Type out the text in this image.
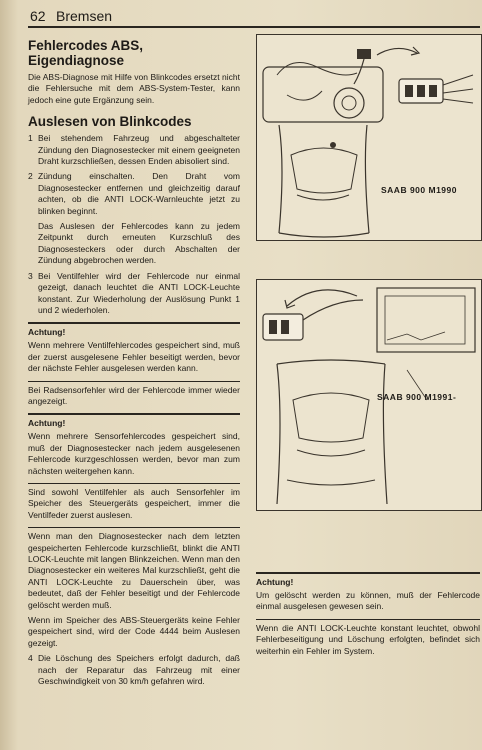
62 Bremsen
Fehlercodes ABS, Eigendiagnose

Die ABS-Diagnose mit Hilfe von Blinkcodes ersetzt nicht die Fehlersuche mit dem ABS-System-Tester, kann jedoch eine gute Ergänzung sein.

Auslesen von Blinkcodes
1 Bei stehendem Fahrzeug und abgeschalteter Zündung den Diagnosestecker mit einem geeigneten Draht kurzschließen, dessen Enden abisoliert sind.
2 Zündung einschalten. Den Draht vom Diagnosestecker entfernen und gleichzeitig darauf achten, ob die ANTI LOCK-Warnleuchte jetzt zu blinken beginnt.

Das Auslesen der Fehlercodes kann zu jedem Zeitpunkt durch erneuten Kurzschluß des Diagnosesteckers oder durch Abschalten der Zündung abgebrochen werden.

3 Bei Ventilfehler wird der Fehlercode nur einmal gezeigt, danach leuchtet die ANTI LOCK-Leuchte konstant. Zur Wiederholung der Auslösung Punkt 1 und 2 wiederholen.
Achtung!

Wenn mehrere Ventilfehlercodes gespeichert sind, muß der zuerst ausgelesene Fehler beseitigt werden, bevor der nächste Fehler ausgelesen werden kann.

Bei Radsensorfehler wird der Fehlercode immer wieder angezeigt.

Achtung!

Wenn mehrere Sensorfehlercodes gespeichert sind, muß der Diagnosestecker nach jedem ausgelesenen Fehlercode kurzgeschlossen werden, bevor man zum nächsten weitergehen kann.

Sind sowohl Ventilfehler als auch Sensorfehler im Speicher des Steuergeräts gespeichert, immer die Ventilfeder zuerst auslesen.

Wenn man den Diagnosestecker nach dem letzten gespeicherten Fehlercode kurzschließt, blinkt die ANTI LOCK-Leuchte mit langen Blinkzeichen. Wenn man den Diagnosestecker ein weiteres Mal kurzschließt, geht die ANTI LOCK-Leuchte zu Dauerschein über, was bedeutet, daß der Fehler beseitigt und der Fehlercode gelöscht werden muß.

Wenn im Speicher des ABS-Steuergeräts keine Fehler gespeichert sind, wird der Code 4444 beim Auslesen gezeigt.

4 Die Löschung des Speichers erfolgt dadurch, daß nach der Reparatur das Fahrzeug mit einer Geschwindigkeit von 30 km/h gefahren wird.
SAAB 900 M1990
SAAB 900 M1991-
Achtung!

Um gelöscht werden zu können, muß der Fehlercode einmal ausgelesen gewesen sein.

Wenn die ANTI LOCK-Leuchte konstant leuchtet, obwohl Fehlerbeseitigung und Löschung erfolgten, befindet sich weiterhin ein Fehler im System.
